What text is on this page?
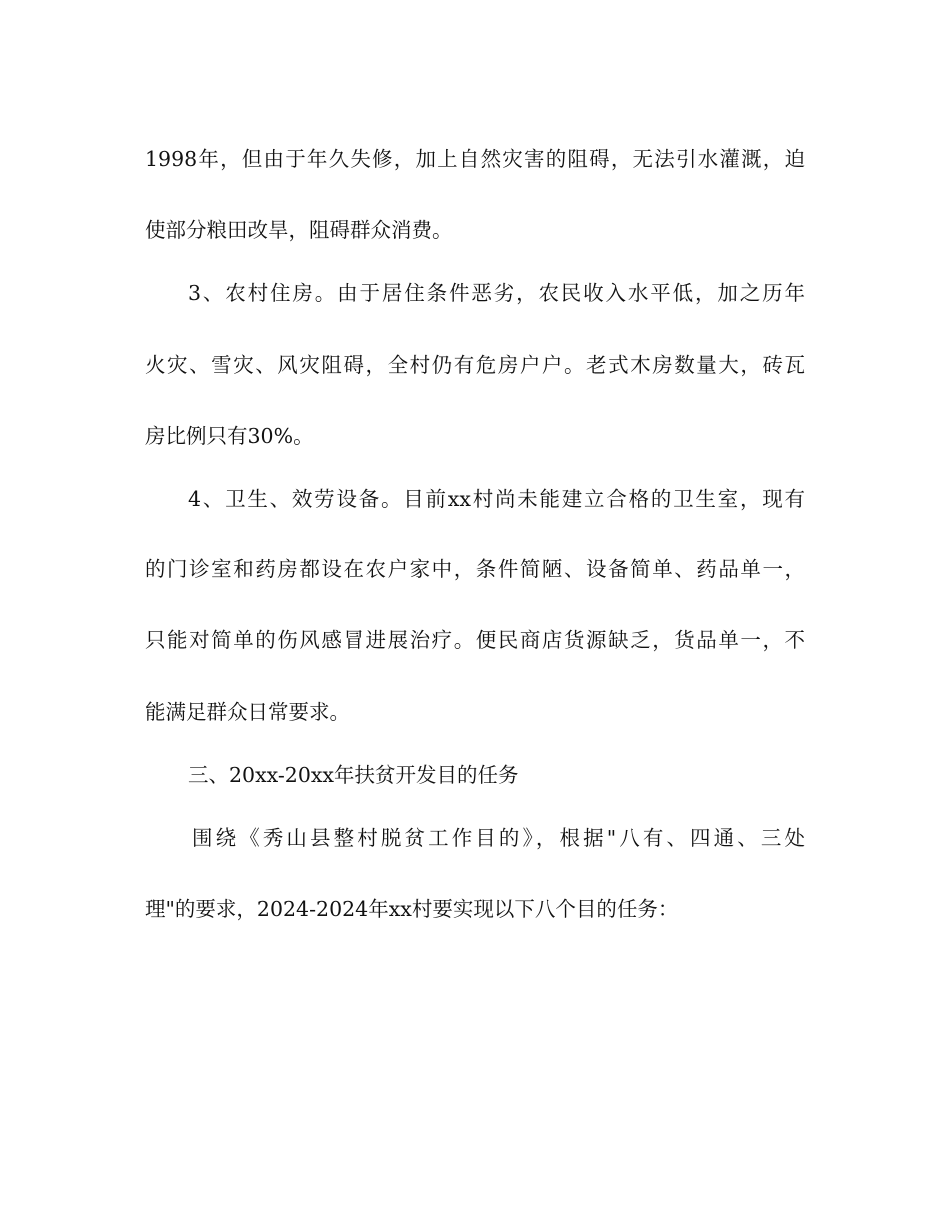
1998年，但由于年久失修，加上自然灾害的阻碍，无法引水灌溉，迫
使部分粮田改旱，阻碍群众消费。
3、农村住房。由于居住条件恶劣，农民收入水平低，加之历年
火灾、雪灾、风灾阻碍，全村仍有危房户户。老式木房数量大，砖瓦
房比例只有30%。
4、卫生、效劳设备。目前xx村尚未能建立合格的卫生室，现有
的门诊室和药房都设在农户家中，条件简陋、设备简单、药品单一，
只能对简单的伤风感冒进展治疗。便民商店货源缺乏，货品单一，不
能满足群众日常要求。
三、20xx-20xx年扶贫开发目的任务
围绕《秀山县整村脱贫工作目的》，根据"八有、四通、三处
理"的要求，2024-2024年xx村要实现以下八个目的任务：
